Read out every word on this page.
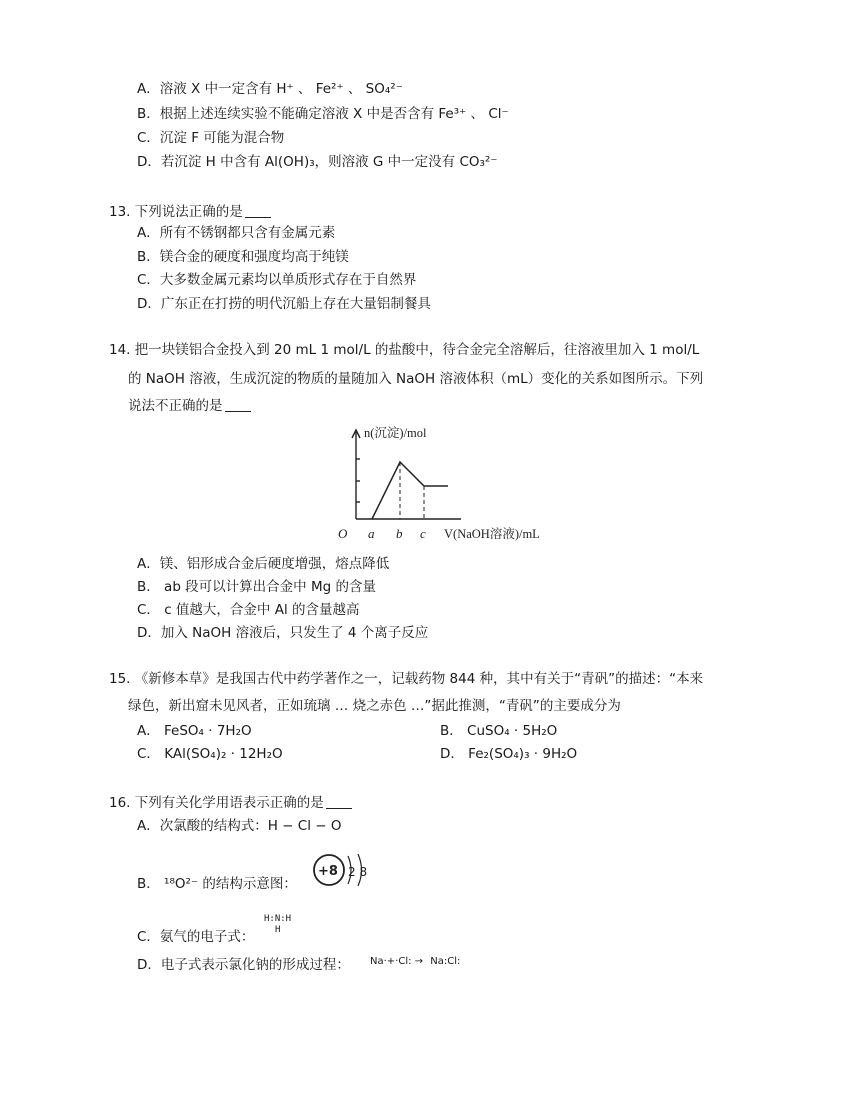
A．溶液 X 中一定含有 H⁺ 、 Fe²⁺ 、 SO₄²⁻
B．根据上述连续实验不能确定溶液 X 中是否含有 Fe³⁺ 、 Cl⁻
C．沉淀 F 可能为混合物
D．若沉淀 H 中含有 Al(OH)₃，则溶液 G 中一定没有 CO₃²⁻
13. 下列说法正确的是
A．所有不锈钢都只含有金属元素
B．镁合金的硬度和强度均高于纯镁
C．大多数金属元素均以单质形式存在于自然界
D．广东正在打捞的明代沉船上存在大量铝制餐具
14. 把一块镁铝合金投入到 20 mL 1 mol/L 的盐酸中，待合金完全溶解后，往溶液里加入 1 mol/L
的 NaOH 溶液，生成沉淀的物质的量随加入 NaOH 溶液体积（mL）变化的关系如图所示。下列
说法不正确的是
O a b c
n(沉淀)/mol
V(NaOH溶液)/mL
A．镁、铝形成合金后硬度增强，熔点降低
B． ab 段可以计算出合金中 Mg 的含量
C． c 值越大，合金中 Al 的含量越高
D．加入 NaOH 溶液后，只发生了 4 个离子反应
15. 《新修本草》是我国古代中药学著作之一，记载药物 844 种，其中有关于“青矾”的描述：“本来
绿色，新出窟未见风者，正如琉璃 … 烧之赤色 …”据此推测，“青矾”的主要成分为
A． FeSO₄ · 7H₂O	B． CuSO₄ · 5H₂O
C． KAl(SO₄)₂ · 12H₂O	D． Fe₂(SO₄)₃ · 9H₂O
16. 下列有关化学用语表示正确的是
A．次氯酸的结构式：H − Cl − O
B． ¹⁸O²⁻ 的结构示意图：
+8 2 8
C．氨气的电子式：
H:N:H
H
D．电子式表示氯化钠的形成过程： Na·+·Cl: → Na:Cl:
